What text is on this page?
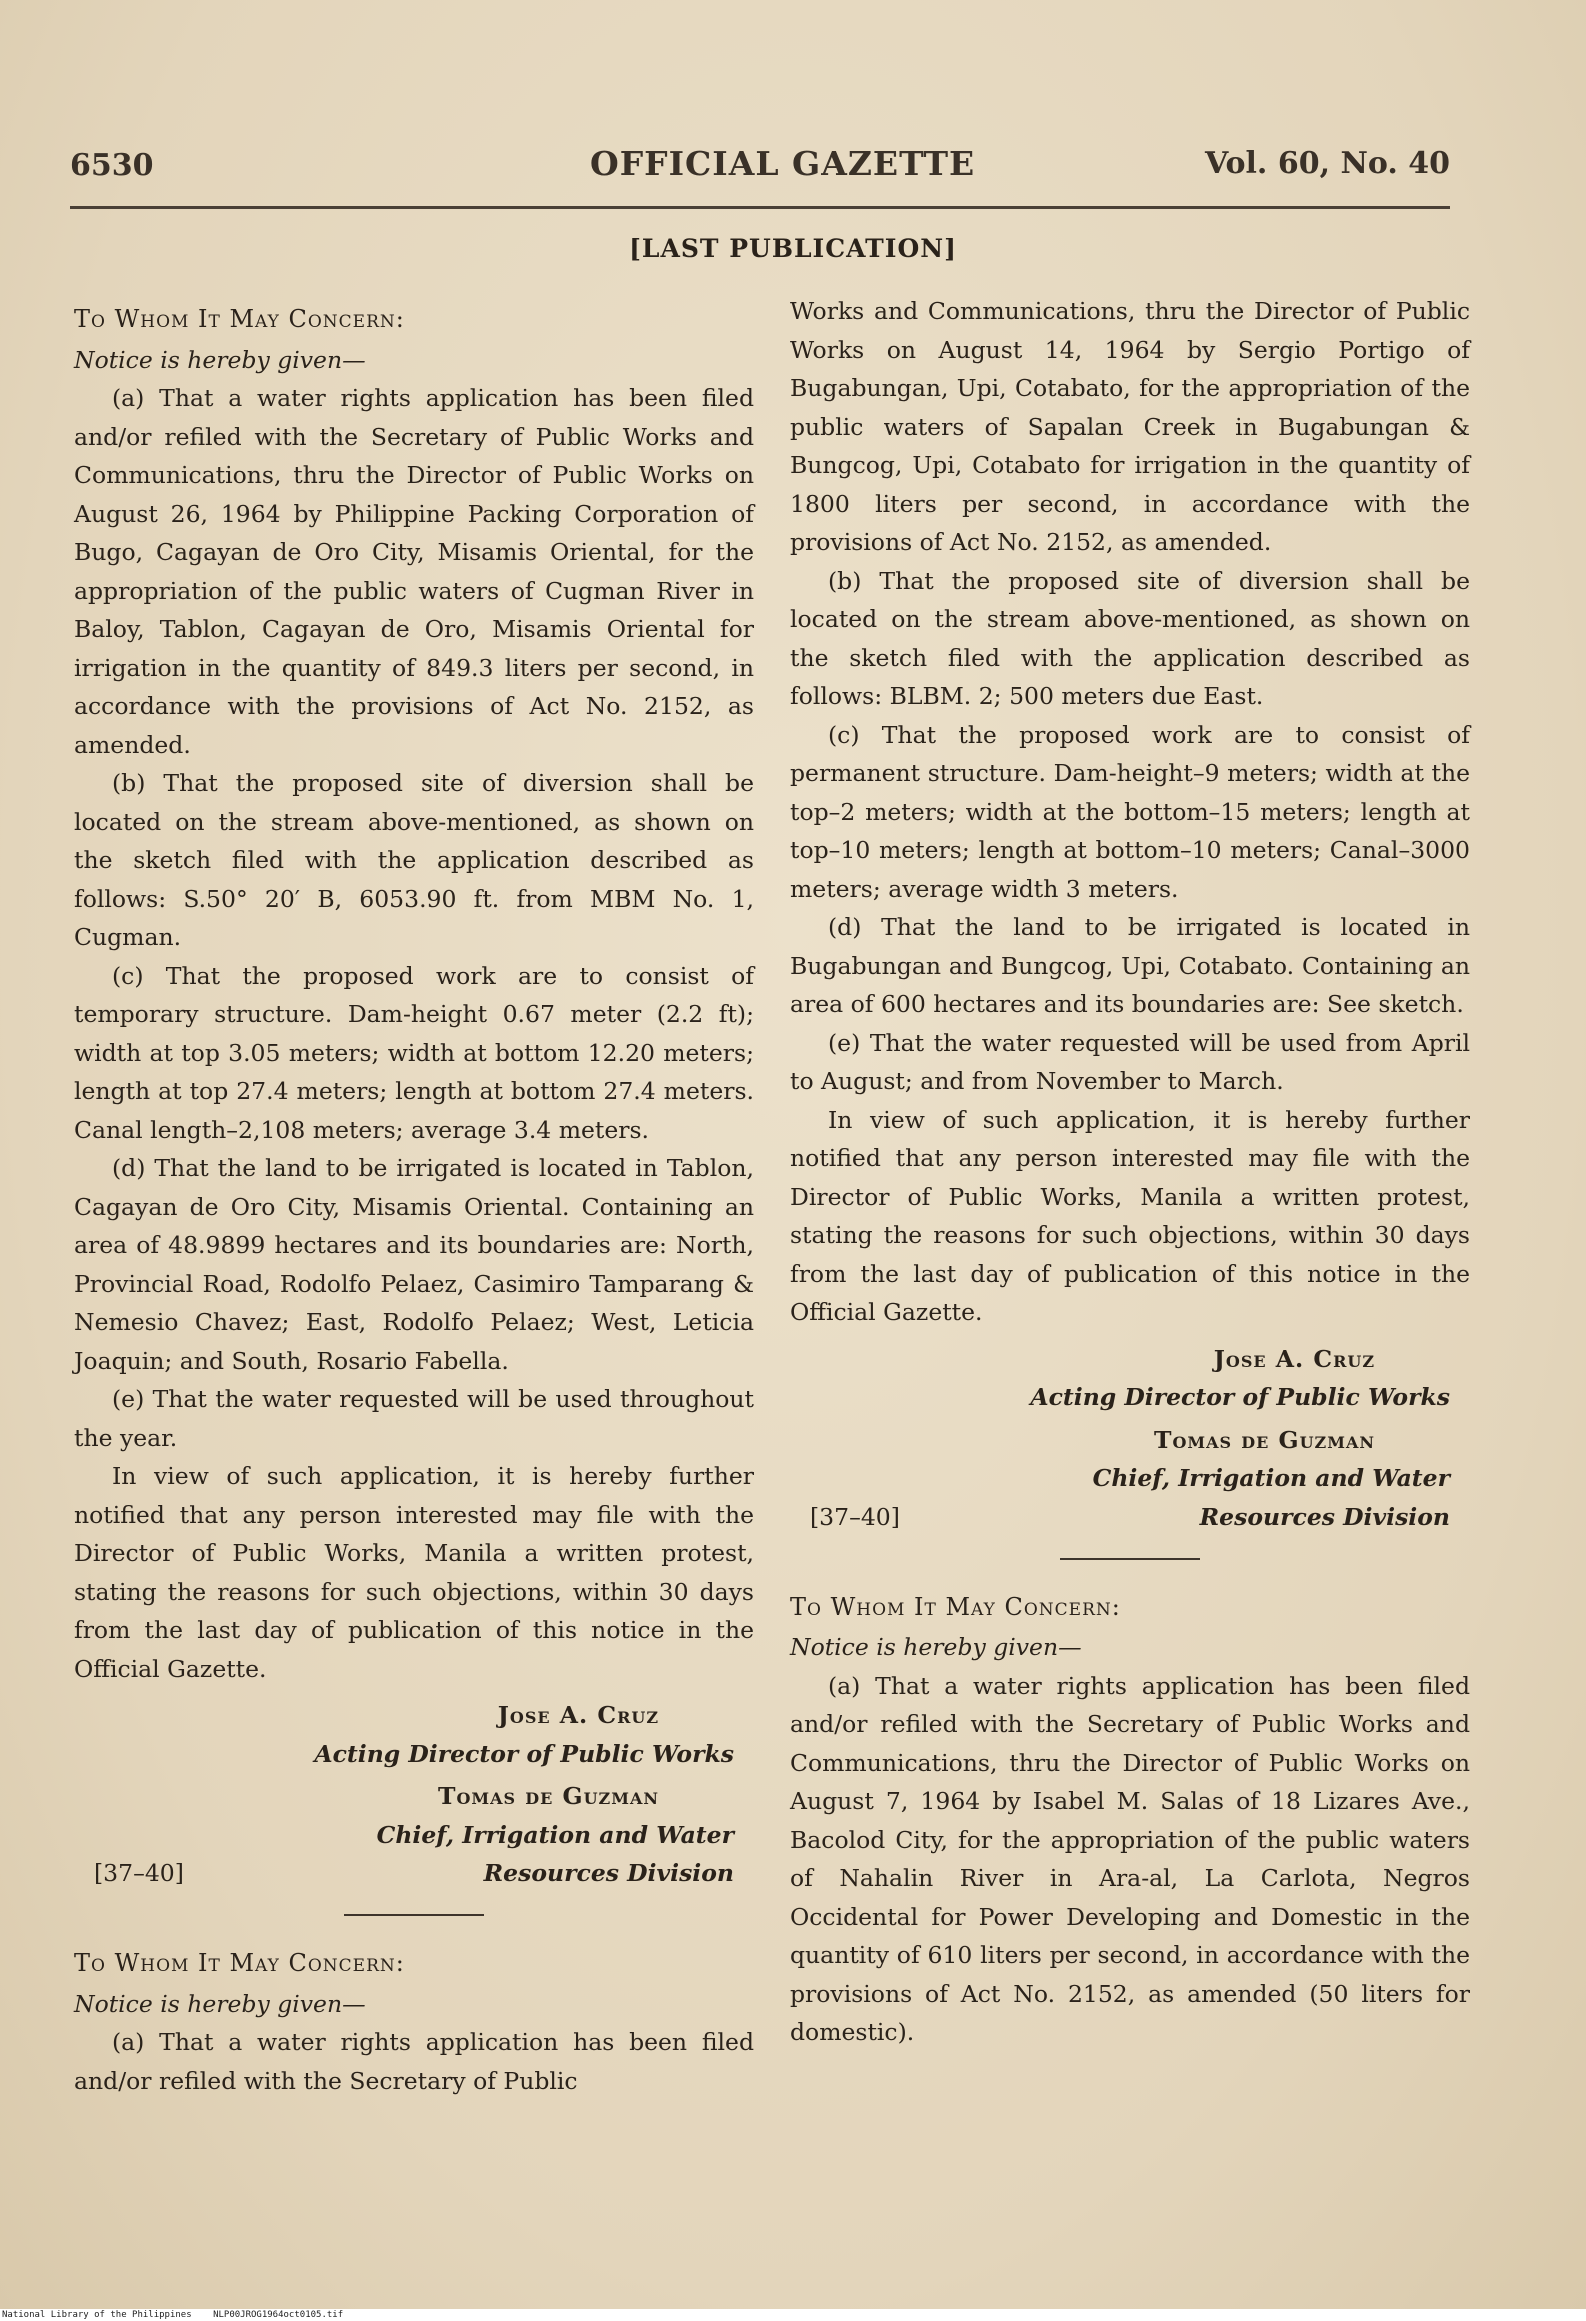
6530	OFFICIAL GAZETTE	Vol. 60, No. 40
[LAST PUBLICATION]
To Whom It May Concern:
Notice is hereby given—

(a) That a water rights application has been filed and/or refiled with the Secretary of Public Works and Communications, thru the Director of Public Works on August 26, 1964 by Philippine Packing Corporation of Bugo, Cagayan de Oro City, Misamis Oriental, for the appropriation of the public waters of Cugman River in Baloy, Tablon, Cagayan de Oro, Misamis Oriental for irrigation in the quantity of 849.3 liters per second, in accordance with the provisions of Act No. 2152, as amended.

(b) That the proposed site of diversion shall be located on the stream above-mentioned, as shown on the sketch filed with the application described as follows: S.50° 20′ B, 6053.90 ft. from MBM No. 1, Cugman.

(c) That the proposed work are to consist of temporary structure. Dam-height 0.67 meter (2.2 ft); width at top 3.05 meters; width at bottom 12.20 meters; length at top 27.4 meters; length at bottom 27.4 meters. Canal length–2,108 meters; average 3.4 meters.

(d) That the land to be irrigated is located in Tablon, Cagayan de Oro City, Misamis Oriental. Containing an area of 48.9899 hectares and its boundaries are: North, Provincial Road, Rodolfo Pelaez, Casimiro Tamparang & Nemesio Chavez; East, Rodolfo Pelaez; West, Leticia Joaquin; and South, Rosario Fabella.

(e) That the water requested will be used throughout the year.

In view of such application, it is hereby further notified that any person interested may file with the Director of Public Works, Manila a written protest, stating the reasons for such objections, within 30 days from the last day of publication of this notice in the Official Gazette.

Jose A. Cruz
Acting Director of Public Works
Tomas de Guzman
Chief, Irrigation and Water
[37–40]	Resources Division
To Whom It May Concern:
Notice is hereby given—

(a) That a water rights application has been filed and/or refiled with the Secretary of Public

Works and Communications, thru the Director of Public Works on August 14, 1964 by Sergio Portigo of Bugabungan, Upi, Cotabato, for the appropriation of the public waters of Sapalan Creek in Bugabungan & Bungcog, Upi, Cotabato for irrigation in the quantity of 1800 liters per second, in accordance with the provisions of Act No. 2152, as amended.

(b) That the proposed site of diversion shall be located on the stream above-mentioned, as shown on the sketch filed with the application described as follows: BLBM. 2; 500 meters due East.

(c) That the proposed work are to consist of permanent structure. Dam-height–9 meters; width at the top–2 meters; width at the bottom–15 meters; length at top–10 meters; length at bottom–10 meters; Canal–3000 meters; average width 3 meters.

(d) That the land to be irrigated is located in Bugabungan and Bungcog, Upi, Cotabato. Containing an area of 600 hectares and its boundaries are: See sketch.

(e) That the water requested will be used from April to August; and from November to March.

In view of such application, it is hereby further notified that any person interested may file with the Director of Public Works, Manila a written protest, stating the reasons for such objections, within 30 days from the last day of publication of this notice in the Official Gazette.

Jose A. Cruz
Acting Director of Public Works
Tomas de Guzman
Chief, Irrigation and Water
[37–40]	Resources Division
To Whom It May Concern:
Notice is hereby given—

(a) That a water rights application has been filed and/or refiled with the Secretary of Public Works and Communications, thru the Director of Public Works on August 7, 1964 by Isabel M. Salas of 18 Lizares Ave., Bacolod City, for the appropriation of the public waters of Nahalin River in Ara-al, La Carlota, Negros Occidental for Power Developing and Domestic in the quantity of 610 liters per second, in accordance with the provisions of Act No. 2152, as amended (50 liters for domestic).

National Library of the Philippines NLP00JROG1964oct0105.tif
